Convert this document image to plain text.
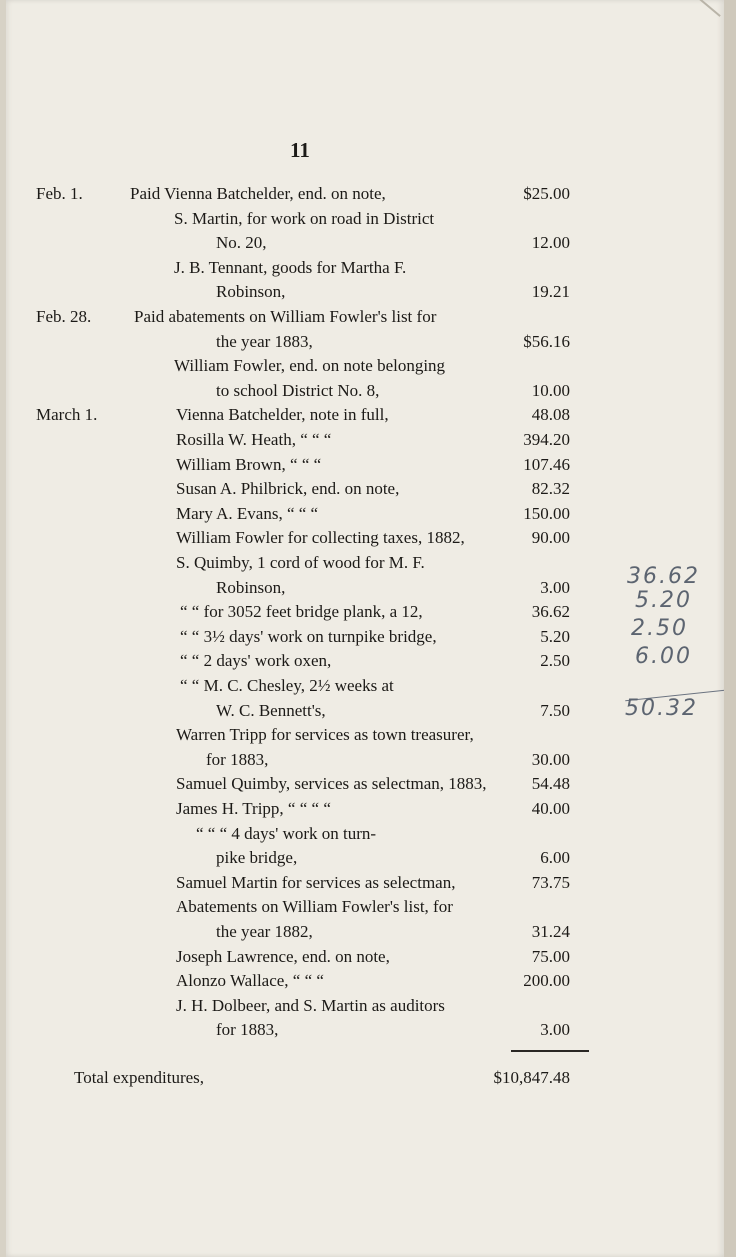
11
Feb. 1.	Paid Vienna Batchelder, end. on note,	$25.00
S. Martin, for work on road in District
No. 20,	12.00
J. B. Tennant, goods for Martha F.
Robinson,	19.21
Feb. 28.	Paid abatements on William Fowler's list for
the year 1883,	$56.16
William Fowler, end. on note belonging
to school District No. 8,	10.00
March 1.	Vienna Batchelder, note in full,	48.08
Rosilla W. Heath, “ “ “	394.20
William Brown, “ “ “	107.46
Susan A. Philbrick, end. on note,	82.32
Mary A. Evans, “ “ “	150.00
William Fowler for collecting taxes, 1882,	90.00
S. Quimby, 1 cord of wood for M. F.
Robinson,	3.00
“ “ for 3052 feet bridge plank, a 12,	36.62
“ “ 3½ days' work on turnpike bridge,	5.20
“ “ 2 days' work oxen,	2.50
“ “ M. C. Chesley, 2½ weeks at
W. C. Bennett's,	7.50
Warren Tripp for services as town treasurer,
for 1883,	30.00
Samuel Quimby, services as selectman, 1883,	54.48
James H. Tripp, “ “ “ “	40.00
“ “ “ 4 days' work on turn-
pike bridge,	6.00
Samuel Martin for services as selectman,	73.75
Abatements on William Fowler's list, for
the year 1882,	31.24
Joseph Lawrence, end. on note,	75.00
Alonzo Wallace, “ “ “	200.00
J. H. Dolbeer, and S. Martin as auditors
for 1883,	3.00
Total expenditures,	$10,847.48
36.62
5.20
2.50
6.00
50.32
